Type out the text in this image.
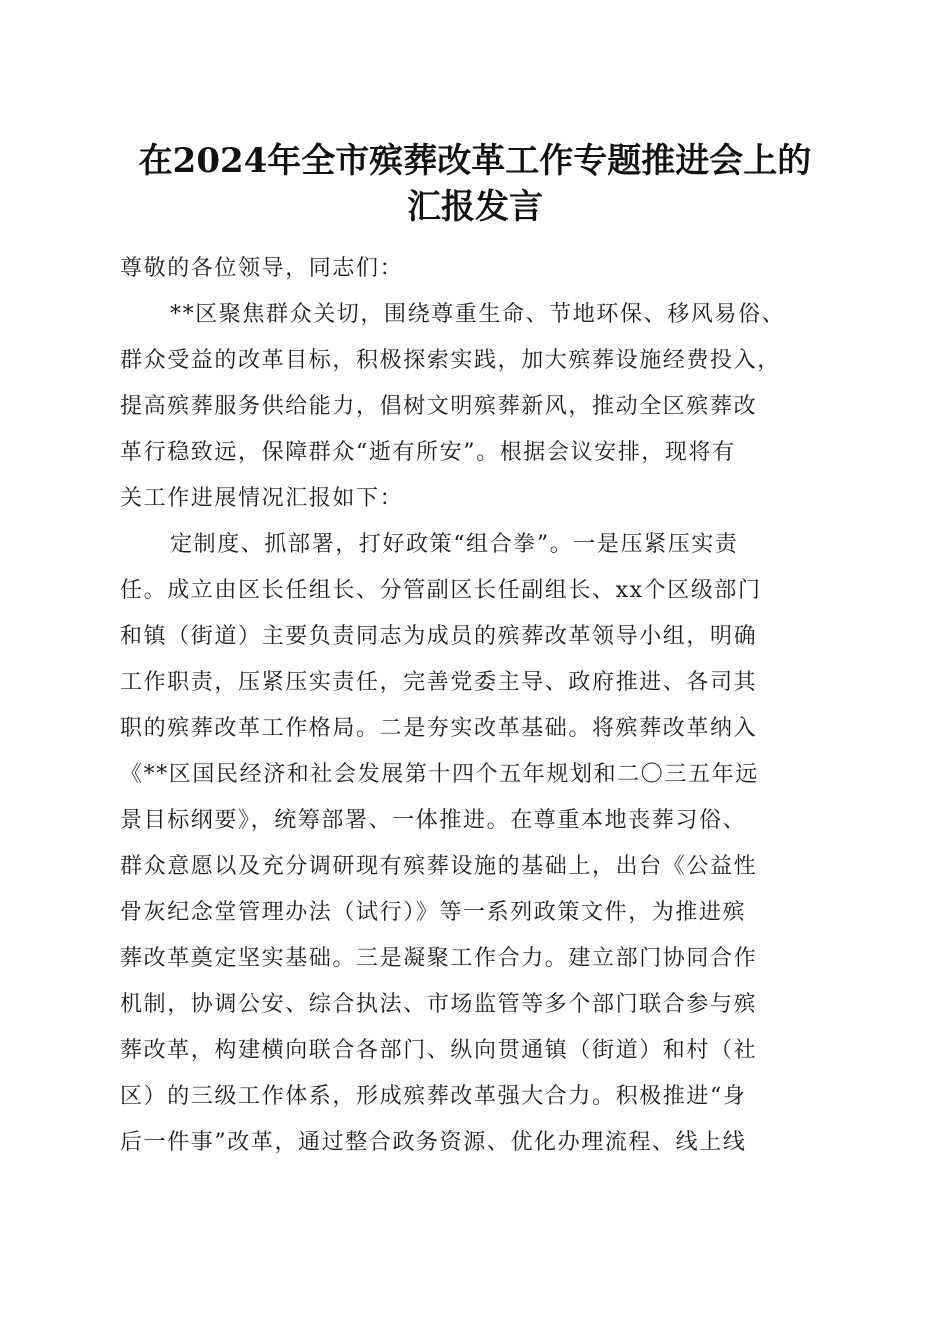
在2024年全市殡葬改革工作专题推进会上的
汇报发言
尊敬的各位领导，同志们：
**区聚焦群众关切，围绕尊重生命、节地环保、移风易俗、
群众受益的改革目标，积极探索实践，加大殡葬设施经费投入，
提高殡葬服务供给能力，倡树文明殡葬新风，推动全区殡葬改
革行稳致远，保障群众“逝有所安”。根据会议安排，现将有
关工作进展情况汇报如下：
定制度、抓部署，打好政策“组合拳”。一是压紧压实责
任。成立由区长任组长、分管副区长任副组长、xx个区级部门
和镇（街道）主要负责同志为成员的殡葬改革领导小组，明确
工作职责，压紧压实责任，完善党委主导、政府推进、各司其
职的殡葬改革工作格局。二是夯实改革基础。将殡葬改革纳入
《**区国民经济和社会发展第十四个五年规划和二〇三五年远
景目标纲要》，统筹部署、一体推进。在尊重本地丧葬习俗、
群众意愿以及充分调研现有殡葬设施的基础上，出台《公益性
骨灰纪念堂管理办法（试行）》等一系列政策文件，为推进殡
葬改革奠定坚实基础。三是凝聚工作合力。建立部门协同合作
机制，协调公安、综合执法、市场监管等多个部门联合参与殡
葬改革，构建横向联合各部门、纵向贯通镇（街道）和村（社
区）的三级工作体系，形成殡葬改革强大合力。积极推进“身
后一件事”改革，通过整合政务资源、优化办理流程、线上线
